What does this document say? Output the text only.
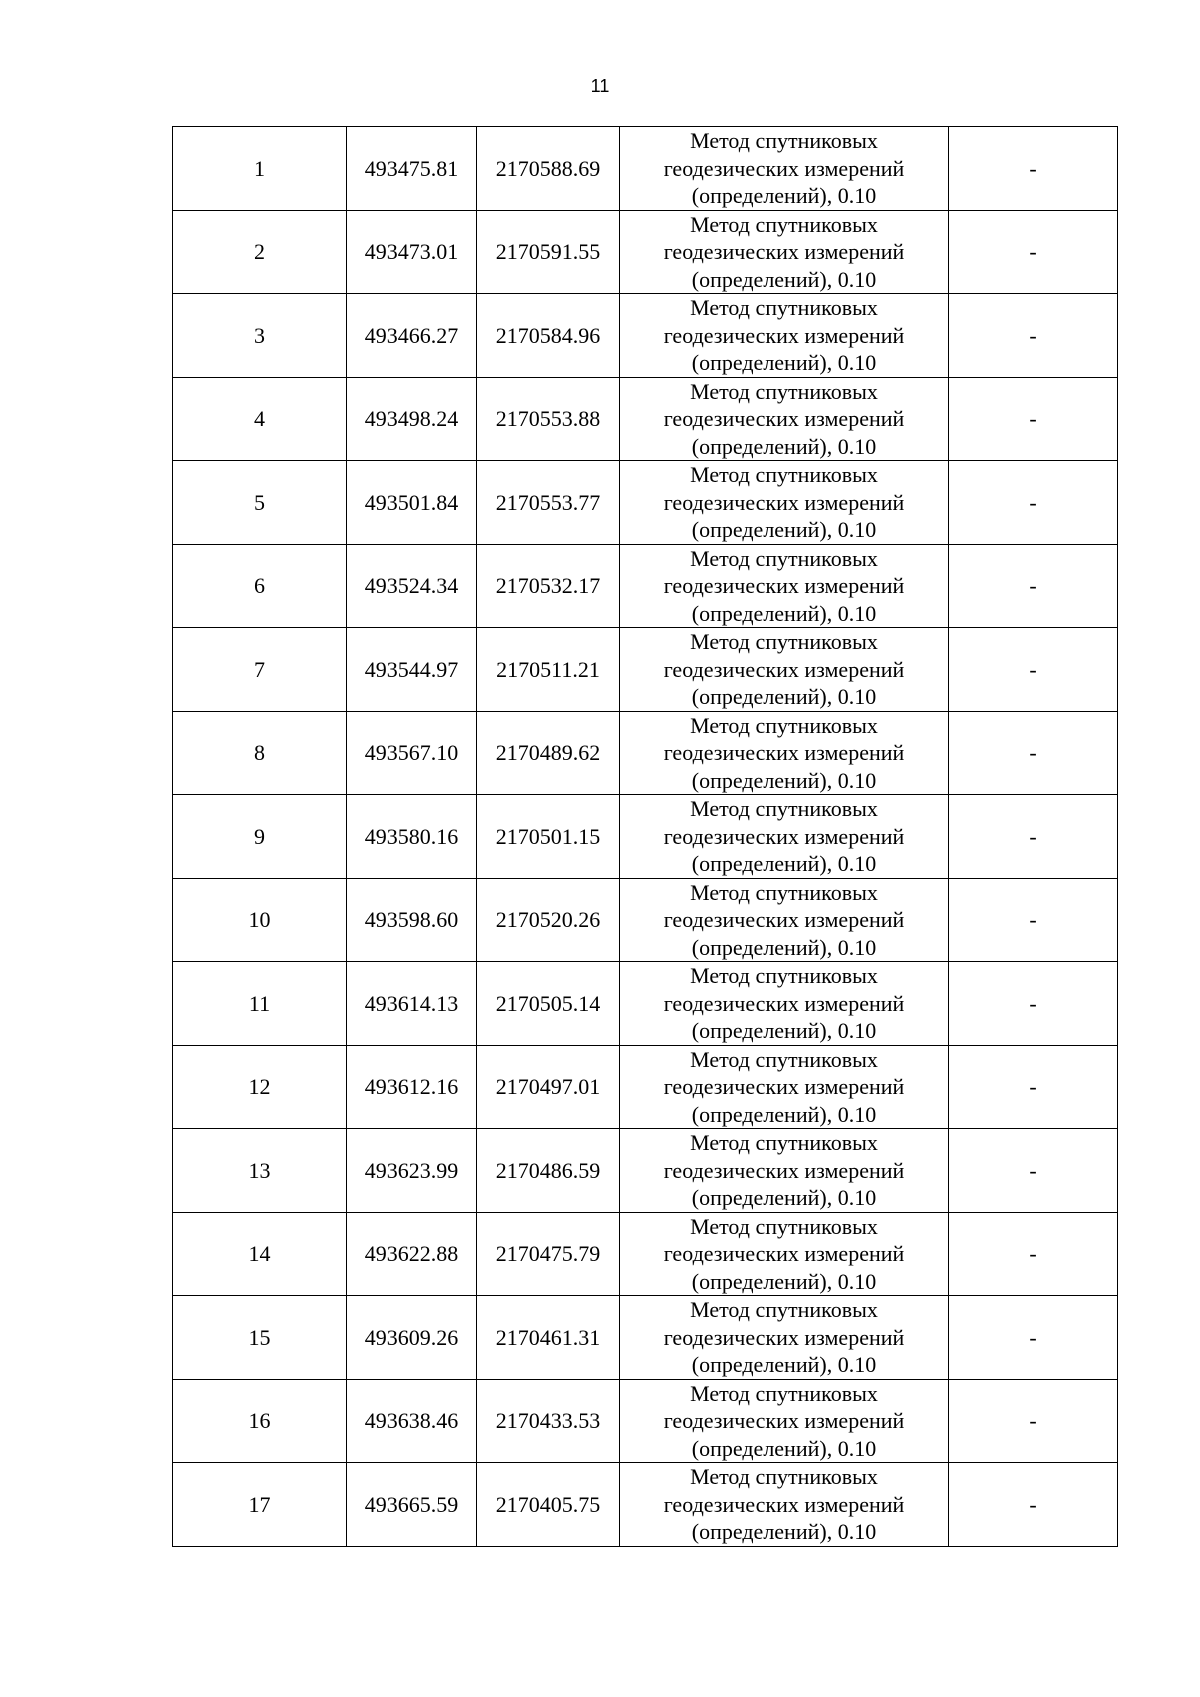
11
1	493475.81	2170588.69	Метод спутниковых
геодезических измерений
(определений), 0.10	-
2	493473.01	2170591.55	Метод спутниковых
геодезических измерений
(определений), 0.10	-
3	493466.27	2170584.96	Метод спутниковых
геодезических измерений
(определений), 0.10	-
4	493498.24	2170553.88	Метод спутниковых
геодезических измерений
(определений), 0.10	-
5	493501.84	2170553.77	Метод спутниковых
геодезических измерений
(определений), 0.10	-
6	493524.34	2170532.17	Метод спутниковых
геодезических измерений
(определений), 0.10	-
7	493544.97	2170511.21	Метод спутниковых
геодезических измерений
(определений), 0.10	-
8	493567.10	2170489.62	Метод спутниковых
геодезических измерений
(определений), 0.10	-
9	493580.16	2170501.15	Метод спутниковых
геодезических измерений
(определений), 0.10	-
10	493598.60	2170520.26	Метод спутниковых
геодезических измерений
(определений), 0.10	-
11	493614.13	2170505.14	Метод спутниковых
геодезических измерений
(определений), 0.10	-
12	493612.16	2170497.01	Метод спутниковых
геодезических измерений
(определений), 0.10	-
13	493623.99	2170486.59	Метод спутниковых
геодезических измерений
(определений), 0.10	-
14	493622.88	2170475.79	Метод спутниковых
геодезических измерений
(определений), 0.10	-
15	493609.26	2170461.31	Метод спутниковых
геодезических измерений
(определений), 0.10	-
16	493638.46	2170433.53	Метод спутниковых
геодезических измерений
(определений), 0.10	-
17	493665.59	2170405.75	Метод спутниковых
геодезических измерений
(определений), 0.10	-
